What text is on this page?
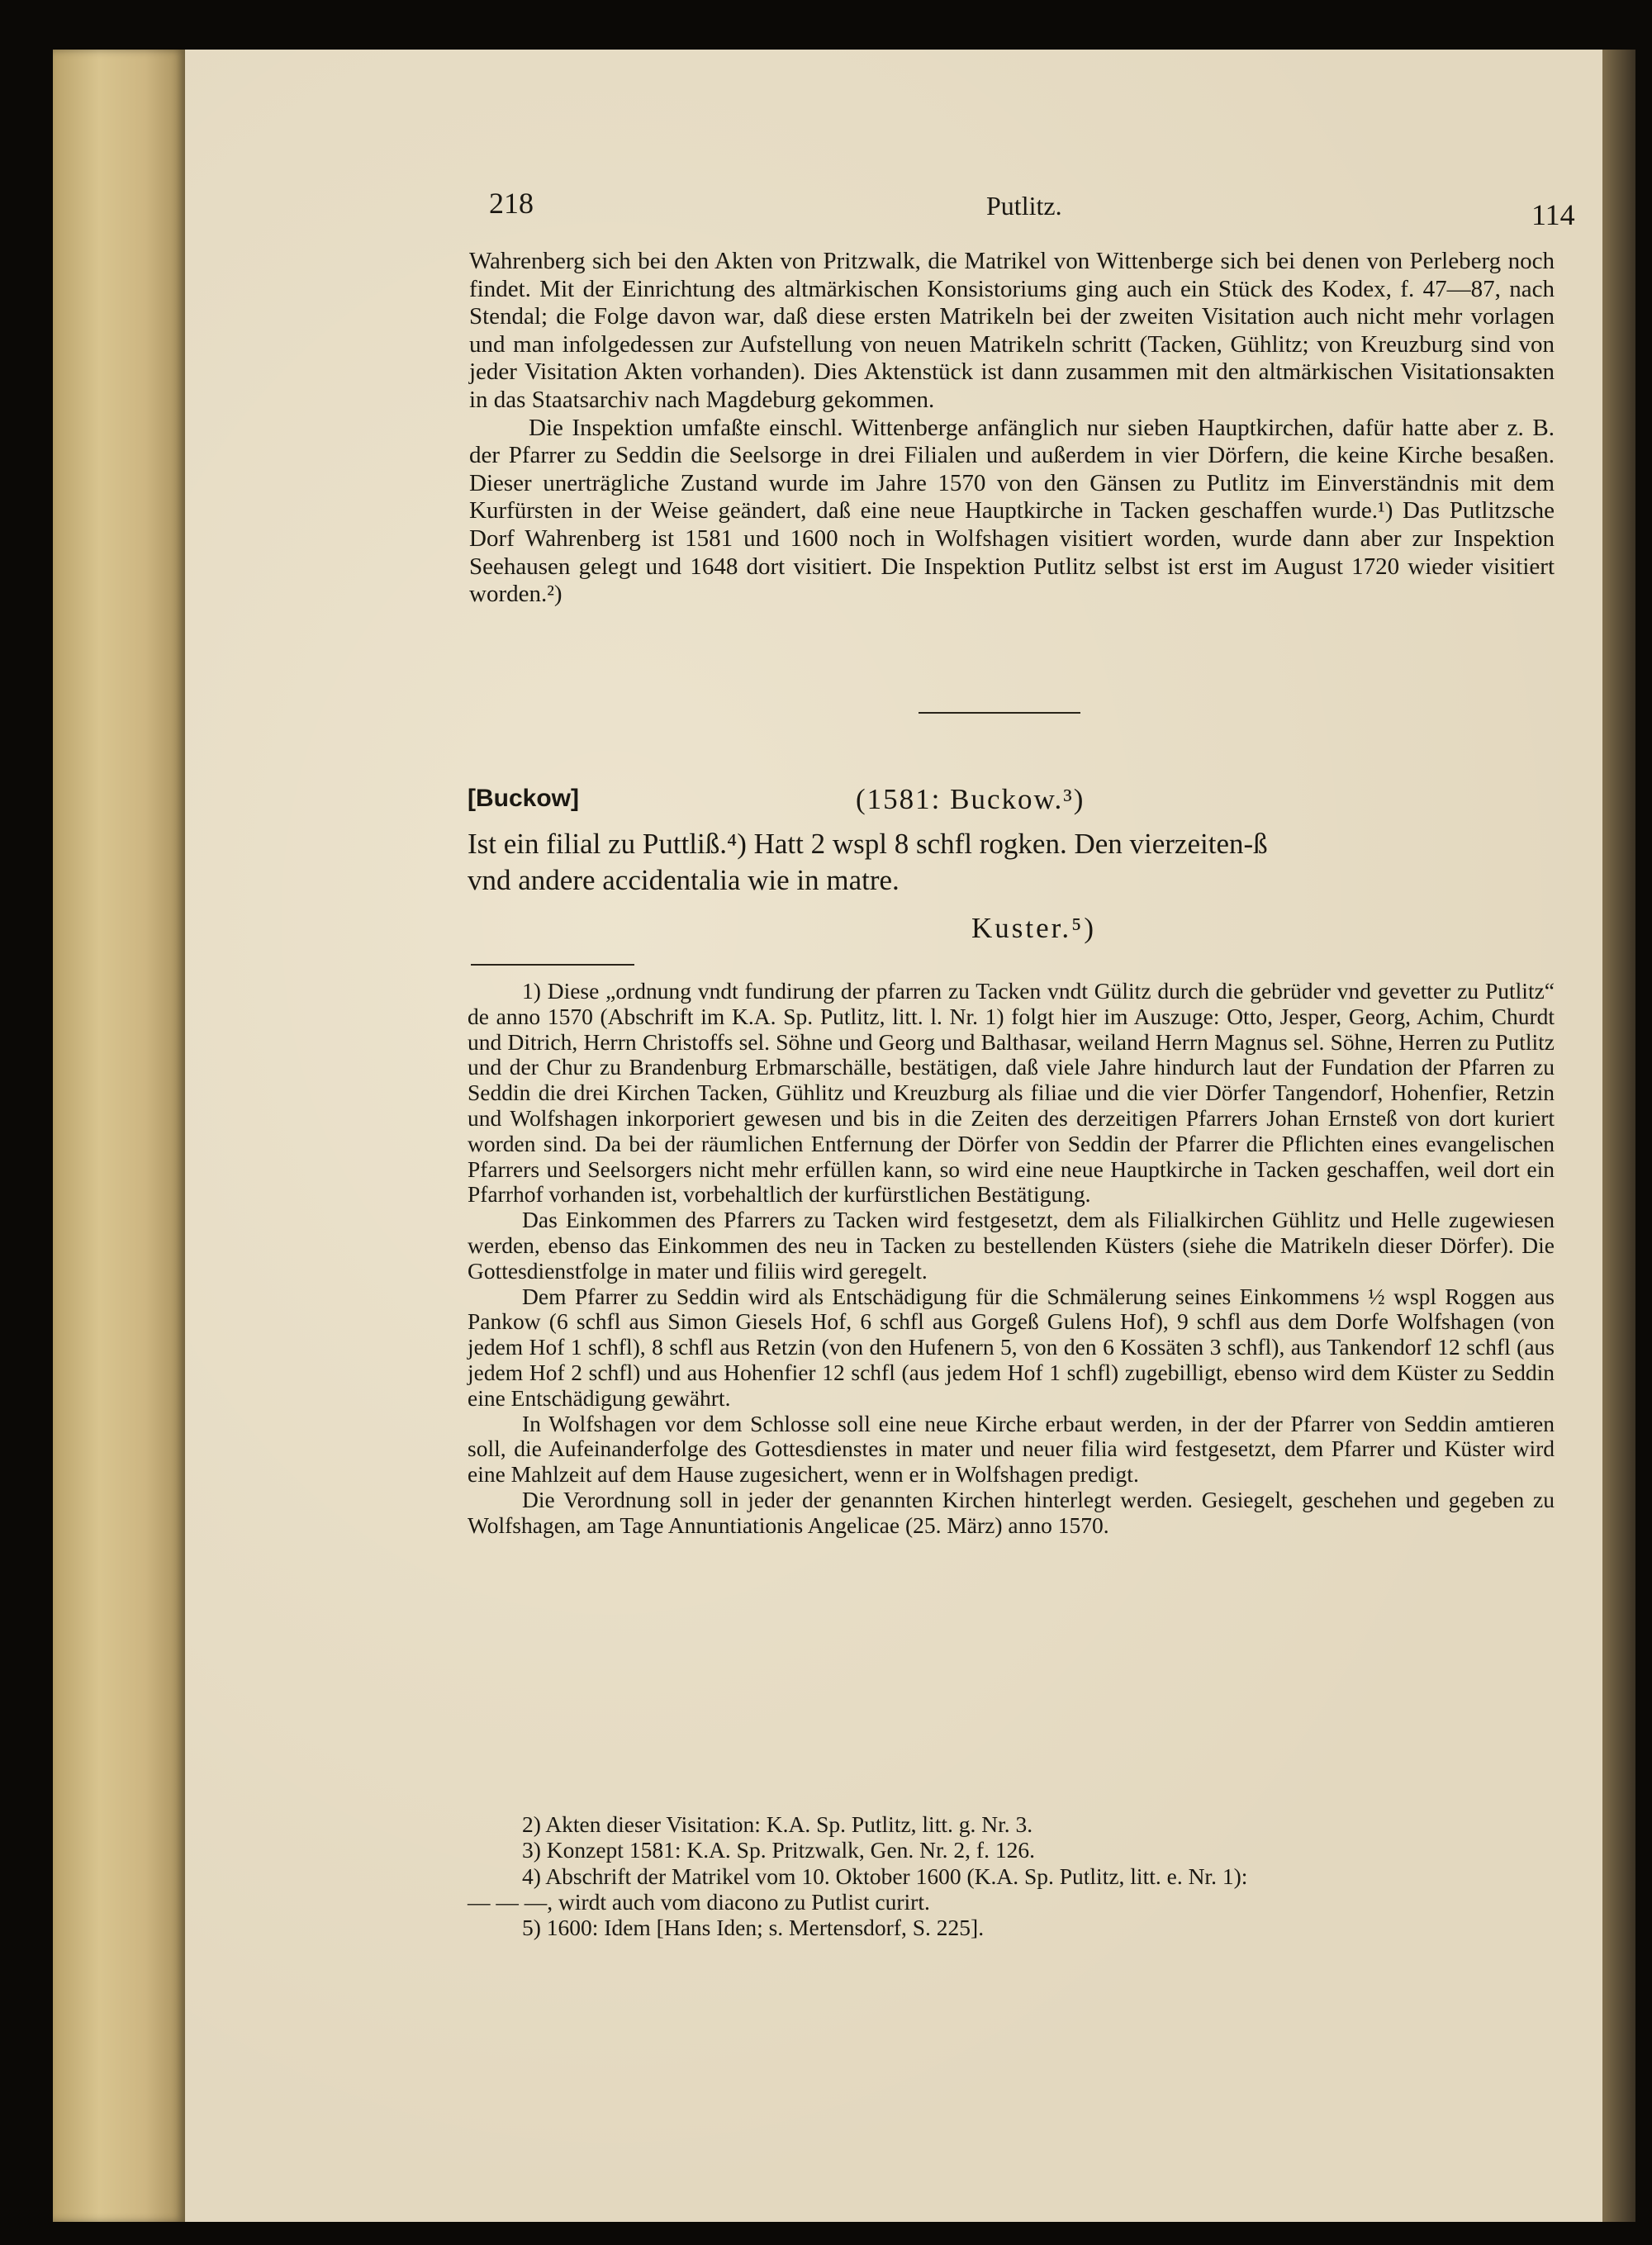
218	Putlitz.	114

Wahrenberg sich bei den Akten von Pritzwalk, die Matrikel von Wittenberge sich bei denen von Perleberg noch findet. Mit der Einrichtung des altmärkischen Konsistoriums ging auch ein Stück des Kodex, f. 47—87, nach Stendal; die Folge davon war, daß diese ersten Matrikeln bei der zweiten Visitation auch nicht mehr vorlagen und man infolgedessen zur Aufstellung von neuen Matrikeln schritt (Tacken, Gühlitz; von Kreuzburg sind von jeder Visitation Akten vorhanden). Dies Aktenstück ist dann zusammen mit den altmärkischen Visitationsakten in das Staatsarchiv nach Magdeburg gekommen.

Die Inspektion umfaßte einschl. Wittenberge anfänglich nur sieben Hauptkirchen, dafür hatte aber z. B. der Pfarrer zu Seddin die Seelsorge in drei Filialen und außerdem in vier Dörfern, die keine Kirche besaßen. Dieser unerträgliche Zustand wurde im Jahre 1570 von den Gänsen zu Putlitz im Einverständnis mit dem Kurfürsten in der Weise geändert, daß eine neue Hauptkirche in Tacken geschaffen wurde.¹) Das Putlitzsche Dorf Wahrenberg ist 1581 und 1600 noch in Wolfshagen visitiert worden, wurde dann aber zur Inspektion Seehausen gelegt und 1648 dort visitiert. Die Inspektion Putlitz selbst ist erst im August 1720 wieder visitiert worden.²)

[Buckow]	(1581: Buckow.³)

Ist ein filial zu Puttliß.⁴) Hatt 2 wspl 8 schfl rogken. Den vierzeiten-ß

vnd andere accidentalia wie in matre.

Kuster.⁵)

1) Diese „ordnung vndt fundirung der pfarren zu Tacken vndt Gülitz durch die gebrüder vnd gevetter zu Putlitz“ de anno 1570 (Abschrift im K.A. Sp. Putlitz, litt. l. Nr. 1) folgt hier im Auszuge: Otto, Jesper, Georg, Achim, Churdt und Ditrich, Herrn Christoffs sel. Söhne und Georg und Balthasar, weiland Herrn Magnus sel. Söhne, Herren zu Putlitz und der Chur zu Brandenburg Erbmarschälle, bestätigen, daß viele Jahre hindurch laut der Fundation der Pfarren zu Seddin die drei Kirchen Tacken, Gühlitz und Kreuzburg als filiae und die vier Dörfer Tangendorf, Hohenfier, Retzin und Wolfshagen inkorporiert gewesen und bis in die Zeiten des derzeitigen Pfarrers Johan Ernsteß von dort kuriert worden sind. Da bei der räumlichen Entfernung der Dörfer von Seddin der Pfarrer die Pflichten eines evangelischen Pfarrers und Seelsorgers nicht mehr erfüllen kann, so wird eine neue Hauptkirche in Tacken geschaffen, weil dort ein Pfarrhof vorhanden ist, vorbehaltlich der kurfürstlichen Bestätigung.

Das Einkommen des Pfarrers zu Tacken wird festgesetzt, dem als Filialkirchen Gühlitz und Helle zugewiesen werden, ebenso das Einkommen des neu in Tacken zu bestellenden Küsters (siehe die Matrikeln dieser Dörfer). Die Gottesdienstfolge in mater und filiis wird geregelt.

Dem Pfarrer zu Seddin wird als Entschädigung für die Schmälerung seines Einkommens ½ wspl Roggen aus Pankow (6 schfl aus Simon Giesels Hof, 6 schfl aus Gorgeß Gulens Hof), 9 schfl aus dem Dorfe Wolfshagen (von jedem Hof 1 schfl), 8 schfl aus Retzin (von den Hufenern 5, von den 6 Kossäten 3 schfl), aus Tankendorf 12 schfl (aus jedem Hof 2 schfl) und aus Hohenfier 12 schfl (aus jedem Hof 1 schfl) zugebilligt, ebenso wird dem Küster zu Seddin eine Entschädigung gewährt.

In Wolfshagen vor dem Schlosse soll eine neue Kirche erbaut werden, in der der Pfarrer von Seddin amtieren soll, die Aufeinanderfolge des Gottesdienstes in mater und neuer filia wird festgesetzt, dem Pfarrer und Küster wird eine Mahlzeit auf dem Hause zugesichert, wenn er in Wolfshagen predigt.

Die Verordnung soll in jeder der genannten Kirchen hinterlegt werden. Gesiegelt, geschehen und gegeben zu Wolfshagen, am Tage Annuntiationis Angelicae (25. März) anno 1570.

2) Akten dieser Visitation: K.A. Sp. Putlitz, litt. g. Nr. 3.

3) Konzept 1581: K.A. Sp. Pritzwalk, Gen. Nr. 2, f. 126.

4) Abschrift der Matrikel vom 10. Oktober 1600 (K.A. Sp. Putlitz, litt. e. Nr. 1):

— — —, wirdt auch vom diacono zu Putlist curirt.

5) 1600: Idem [Hans Iden; s. Mertensdorf, S. 225].
